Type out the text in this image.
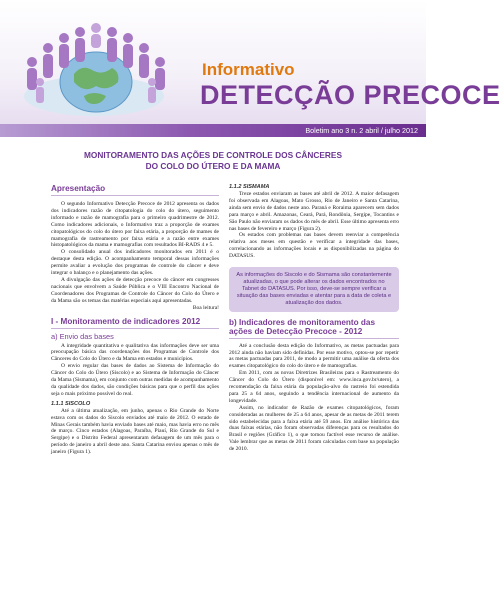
Informativo
DETECÇÃO PRECOCE
Boletim ano 3 n. 2 abril / julho 2012
MONITORAMENTO DAS AÇÕES DE CONTROLE DOS CÂNCERES
DO COLO DO ÚTERO E DA MAMA
Apresentação

O segundo Informativo Detecção Precoce de 2012 apresenta os dados dos indicadores razão de citopatologia do colo do útero, seguimento informado e razão de mamografia para o primeiro quadrimestre de 2012. Como indicadores adicionais, o Informativo traz a proporção de exames citopatológicos do colo do útero por faixa etária, a proporção de mames de mamografia de rastreamento por faixa etária e a razão entre exames histopatológicos da mama e mamografias com resultados BI-RADS 4 e 5.

O consolidado anual dos indicadores monitorados em 2011 é o destaque desta edição. O acompanhamento temporal dessas informações permite avaliar a evolução dos programas de controle do câncer e deve integrar o balanço e o planejamento das ações.

A divulgação das ações de detecção precoce do câncer em congresses nacionais que envolvem a Saúde Pública e o VIII Encontro Nacional de Coordenadores dos Programas de Controle do Câncer do Colo do Útero e da Mama são os temas das matérias especiais aqui apresentadas.

Boa leitura!

I - Monitoramento de indicadores 2012
a) Envio das bases

A integridade quantitativa e qualitativa das informações deve ser uma preocupação básica das coordenações dos Programas de Controle dos Cânceres do Colo do Útero e da Mama em estados e municípios.

O envio regular das bases de dados ao Sistema de Informação do Câncer do Colo do Útero (Siscolo) e ao Sistema de Informação do Câncer da Mama (Sismama), em conjunto com outras medidas de acompanhamento da qualidade dos dados, são condições básicas para que o perfil das ações seja o mais próximo possível do real.

1.1.1 SISCOLO

Até a última atualização, em junho, apenas o Rio Grande do Norte estava com os dados do Siscolo enviados até maio de 2012. O estado de Minas Gerais também havia enviado bases até maio, mas havia erro no mês de março. Cinco estados (Alagoas, Paraíba, Piauí, Rio Grande do Sul e Sergipe) e o Distrito Federal apresentaram defasagem de um mês para o período de janeiro a abril deste ano. Santa Catarina enviou apenas o mês de janeiro (Figura 1).

1.1.2 SISMAMA

Treze estados enviaram as bases até abril de 2012. A maior defasagem foi observada em Alagoas, Mato Grosso, Rio de Janeiro e Santa Catarina, ainda sem envio de dados neste ano. Paraná e Roraima aparecem sem dados para março e abril. Amazonas, Ceará, Pará, Rondônia, Sergipe, Tocantins e São Paulo não enviaram os dados do mês de abril. Esse último apresenta erro nas bases de fevereiro e março (Figura 2).

Os estados com problemas nas bases devem reenviar a competência relativa aos meses em questão e verificar a integridade das bases, correlacionando as informações locais e as disponibilizadas na página do DATASUS.

As informações do Siscolo e do Sismama são constantemente atualizadas, o que pode alterar os dados encontrados no Tabnet do DATASUS. Por isso, deve-se sempre verificar a situação das bases enviadas e atentar para a data de coleta e atualização dos dados.
b) Indicadores de monitoramento das ações de Detecção Precoce - 2012

Até a conclusão desta edição do Informativo, as metas pactuadas para 2012 ainda não haviam sido definidas. Por esse motivo, optou-se por repetir as metas pactuadas para 2011, de modo a permitir uma análise da oferta dos exames citopatológico do colo do útero e de mamografias.

Em 2011, com as novas Diretrizes Brasileiras para o Rastreamento do Câncer do Colo do Útero (disponível em: www.inca.gov.br/utero), a recomendação da faixa etária da população-alvo do rastreio foi estendida para 25 a 64 anos, seguindo a tendência internacional de aumento da longevidade.

Assim, no indicador de Razão de exames citopatológicos, foram consideradas as mulheres de 25 a 64 anos, apesar de as metas de 2011 terem sido estabelecidas para a faixa etária até 59 anos. Em análise histórica das duas faixas etárias, não foram observadas diferenças para os resultados do Brasil e regiões (Gráfico 1), o que tornou factível esse recurso de análise. Vale lembrar que as metas de 2011 foram calculadas com base na população de 2010.
